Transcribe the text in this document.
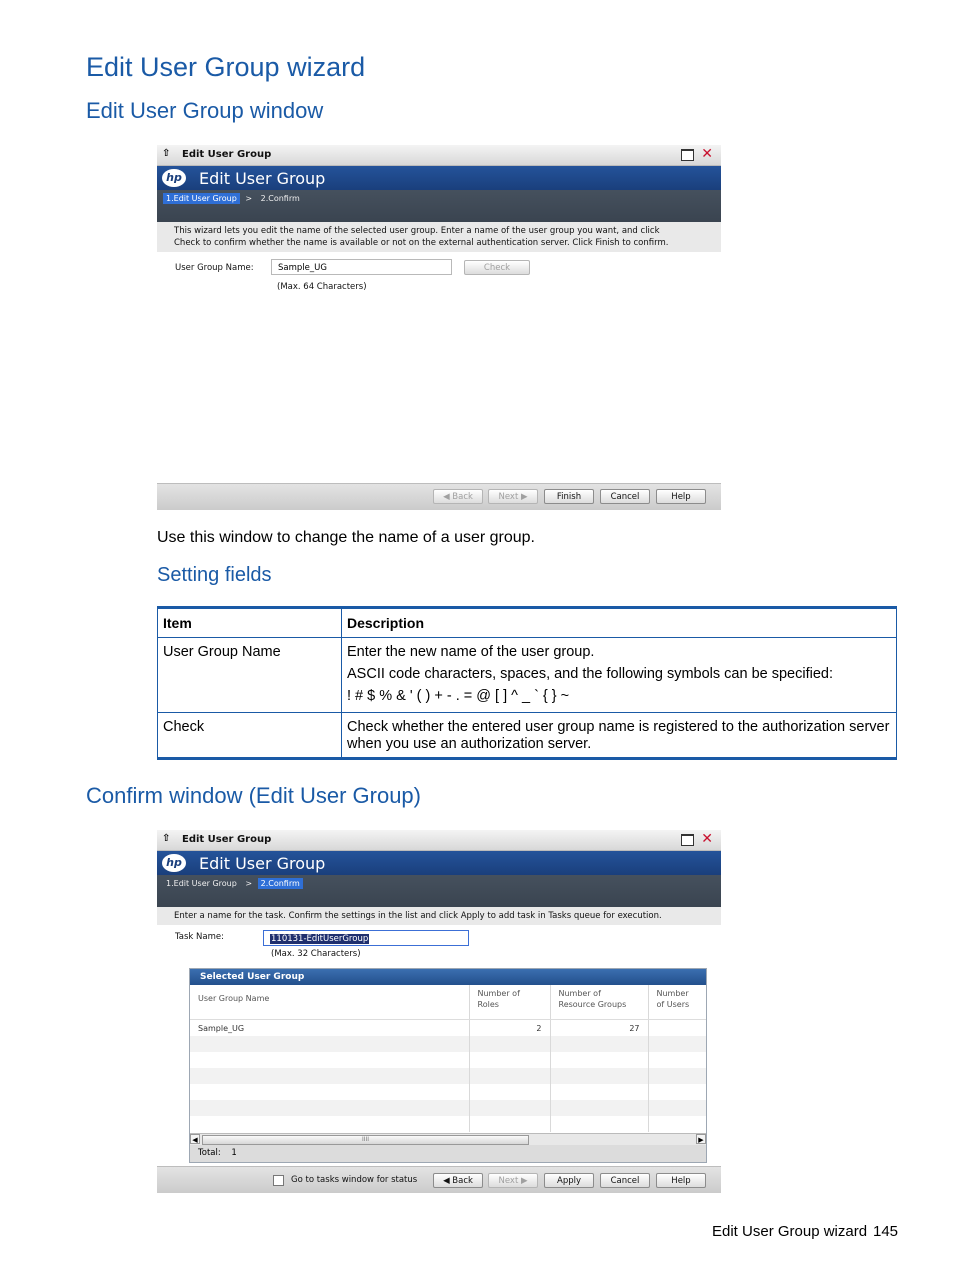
Edit User Group wizard
Edit User Group window
⇧ Edit User Group	✕
hp Edit User Group
1.Edit User Group > 2.Confirm
This wizard lets you edit the name of the selected user group. Enter a name of the user group you want, and click
Check to confirm whether the name is available or not on the external authentication server. Click Finish to confirm.
User Group Name:	Sample_UG	Check
(Max. 64 Characters)
◀ Back	Next ▶	Finish	Cancel	Help
Use this window to change the name of a user group.
Setting fields
Item	Description
User Group Name	Enter the new name of the user group.

ASCII code characters, spaces, and the following symbols can be specified:

! # $ % & ' ( ) + - . = @ [ ] ^ _ ` { } ~

Check	Check whether the entered user group name is registered to the authorization server when you use an authorization server.
Confirm window (Edit User Group)
⇧ Edit User Group	✕
hp Edit User Group
1.Edit User Group > 2.Confirm
Enter a name for the task. Confirm the settings in the list and click Apply to add task in Tasks queue for execution.
Task Name:	110131-EditUserGroup
(Max. 32 Characters)
Selected User Group
User Group Name	Number of Roles	Number of Resource Groups	Number of Users
Sample_UG	2	27	

◀	IIII	▶
Total: 1
Go to tasks window for status	◀ Back	Next ▶	Apply	Cancel	Help
Edit User Group wizard 145
